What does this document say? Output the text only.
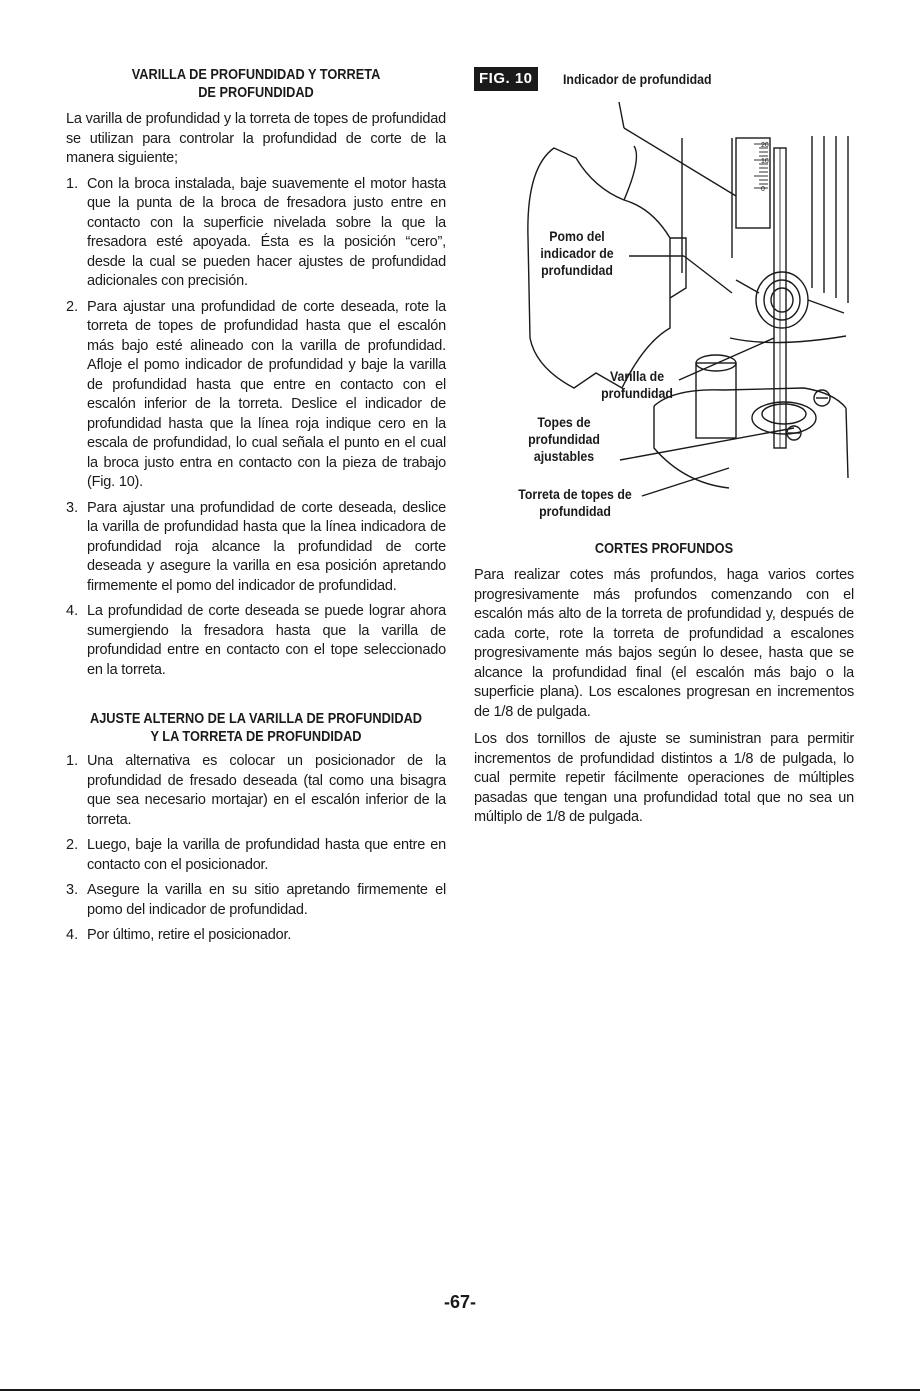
VARILLA DE PROFUNDIDAD Y TORRETA
DE PROFUNDIDAD

La varilla de profundidad y la torreta de topes de profundidad se utilizan para controlar la profundidad de corte de la manera siguiente;

1. Con la broca instalada, baje suavemente el motor hasta que la punta de la broca de fresadora justo entre en contacto con la superficie nivelada sobre la que la fresadora esté apoyada. Ésta es la posición “cero”, desde la cual se pueden hacer ajustes de profundidad adicionales con precisión.
2. Para ajustar una profundidad de corte deseada, rote la torreta de topes de profundidad hasta que el escalón más bajo esté alineado con la varilla de profundidad. Afloje el pomo indicador de profundidad y baje la varilla de profundidad hasta que entre en contacto con el escalón inferior de la torreta. Deslice el indicador de profundidad hasta que la línea roja indique cero en la escala de profundidad, lo cual señala el punto en el cual la broca justo entra en contacto con la pieza de trabajo (Fig. 10).
3. Para ajustar una profundidad de corte deseada, deslice la varilla de profundidad hasta que la línea indicadora de profundidad roja alcance la profundidad de corte deseada y asegure la varilla en esa posición apretando firmemente el pomo del indicador de profundidad.
4. La profundidad de corte deseada se puede lograr ahora sumergiendo la fresadora hasta que la varilla de profundidad entre en contacto con el tope seleccionado en la torreta.
AJUSTE ALTERNO DE LA VARILLA DE PROFUNDIDAD
Y LA TORRETA DE PROFUNDIDAD
1. Una alternativa es colocar un posicionador de la profundidad de fresado deseada (tal como una bisagra que sea necesario mortajar) en el escalón inferior de la torreta.
2. Luego, baje la varilla de profundidad hasta que entre en contacto con el posicionador.
3. Asegure la varilla en su sitio apretando firmemente el pomo del indicador de profundidad.
4. Por último, retire el posicionador.
FIG. 10	Indicador de profundidad
20
10
0
Pomo del indicador de profundidad
Varilla de profundidad
Topes de profundidad ajustables
Torreta de topes de profundidad
CORTES PROFUNDOS

Para realizar cotes más profundos, haga varios cortes progresivamente más profundos comenzando con el escalón más alto de la torreta de profundidad y, después de cada corte, rote la torreta de profundidad a escalones progresivamente más bajos según lo desee, hasta que se alcance la profundidad final (el escalón más bajo o la superficie plana). Los escalones progresan en incrementos de 1/8 de pulgada.

Los dos tornillos de ajuste se suministran para permitir incrementos de profundidad distintos a 1/8 de pulgada, lo cual permite repetir fácilmente operaciones de múltiples pasadas que tengan una profundidad total que no sea un múltiplo de 1/8 de pulgada.

-67-
